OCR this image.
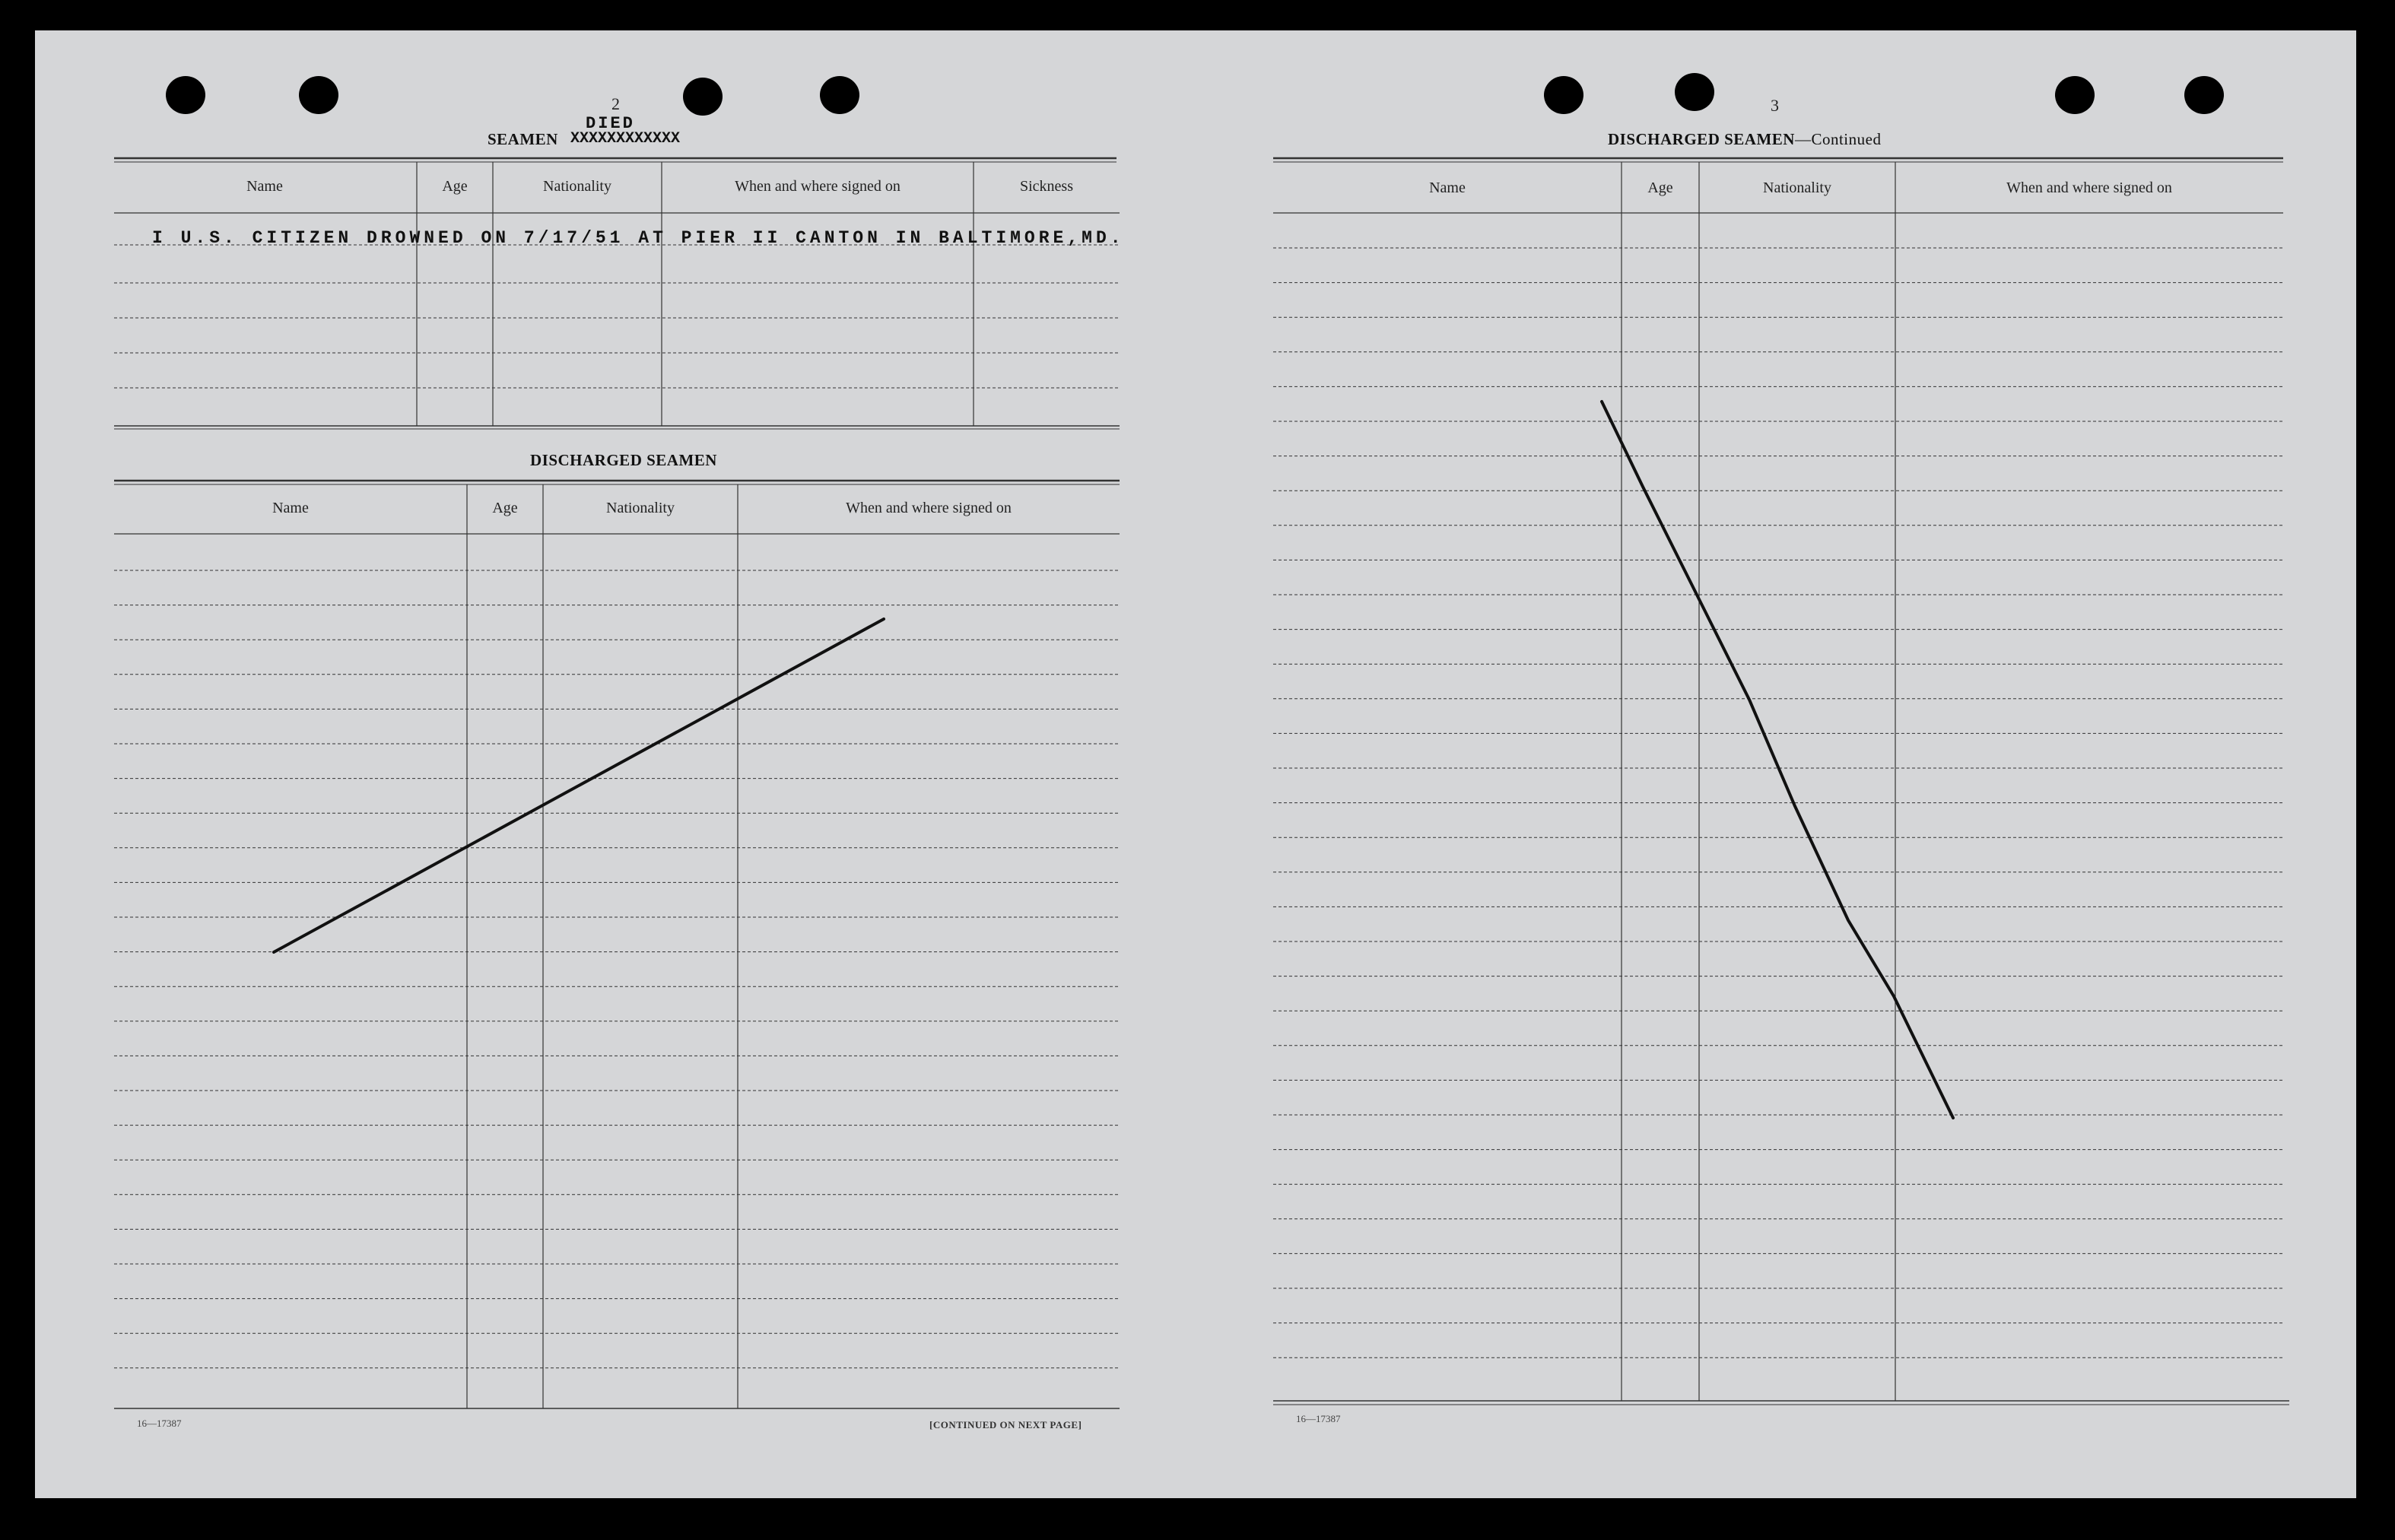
2
SEAMEN XXXXXXXXXXXX
DIED
Name	Age	Nationality	When and where signed on	Sickness
I U.S. CITIZEN DROWNED ON 7/17/51 AT PIER II CANTON IN BALTIMORE,MD.
DISCHARGED SEAMEN
Name	Age	Nationality	When and where signed on
16—17387	[CONTINUED ON NEXT PAGE]
3
DISCHARGED SEAMEN—Continued
Name	Age	Nationality	When and where signed on
16—17387
